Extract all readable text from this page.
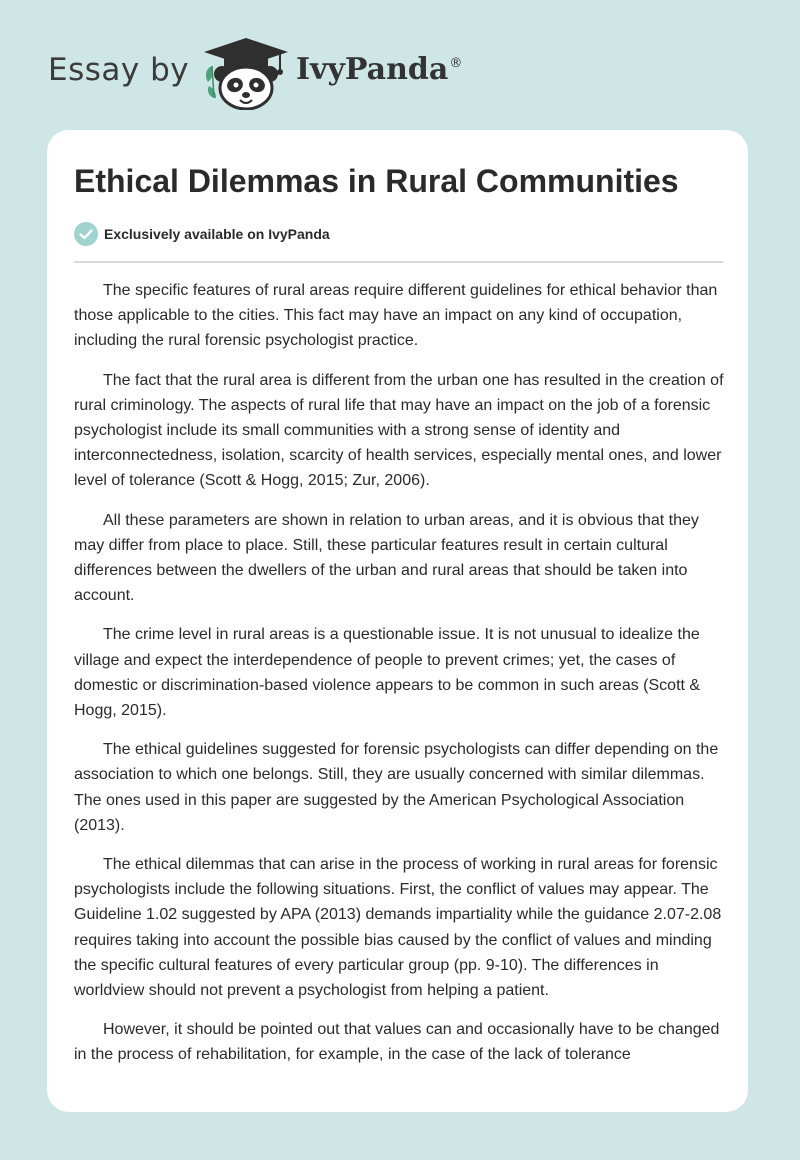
Essay by	IvyPanda®
Ethical Dilemmas in Rural Communities
Exclusively available on IvyPanda

The specific features of rural areas require different guidelines for ethical behavior than those applicable to the cities. This fact may have an impact on any kind of occupation, including the rural forensic psychologist practice.

The fact that the rural area is different from the urban one has resulted in the creation of rural criminology. The aspects of rural life that may have an impact on the job of a forensic psychologist include its small communities with a strong sense of identity and interconnectedness, isolation, scarcity of health services, especially mental ones, and lower level of tolerance (Scott & Hogg, 2015; Zur, 2006).

All these parameters are shown in relation to urban areas, and it is obvious that they may differ from place to place. Still, these particular features result in certain cultural differences between the dwellers of the urban and rural areas that should be taken into account.

The crime level in rural areas is a questionable issue. It is not unusual to idealize the village and expect the interdependence of people to prevent crimes; yet, the cases of domestic or discrimination-based violence appears to be common in such areas (Scott & Hogg, 2015).

The ethical guidelines suggested for forensic psychologists can differ depending on the association to which one belongs. Still, they are usually concerned with similar dilemmas. The ones used in this paper are suggested by the American Psychological Association (2013).

The ethical dilemmas that can arise in the process of working in rural areas for forensic psychologists include the following situations. First, the conflict of values may appear. The Guideline 1.02 suggested by APA (2013) demands impartiality while the guidance 2.07-2.08 requires taking into account the possible bias caused by the conflict of values and minding the specific cultural features of every particular group (pp. 9-10). The differences in worldview should not prevent a psychologist from helping a patient.

However, it should be pointed out that values can and occasionally have to be changed in the process of rehabilitation, for example, in the case of the lack of tolerance
